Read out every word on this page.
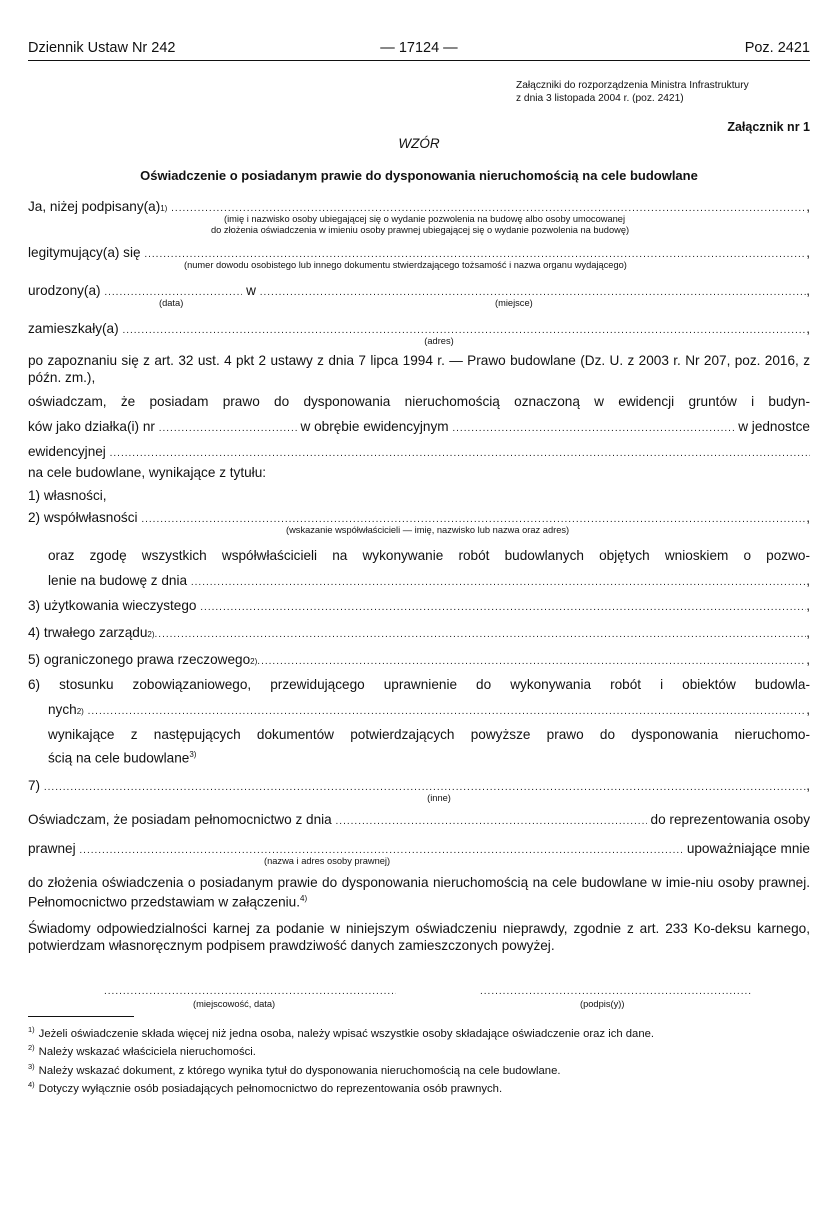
Dziennik Ustaw Nr 242	— 17124 —	Poz. 2421
Załączniki do rozporządzenia Ministra Infrastruktury
z dnia 3 listopada 2004 r. (poz. 2421)
Załącznik nr 1
WZÓR
Oświadczenie o posiadanym prawie do dysponowania nieruchomością na cele budowlane
Ja, niżej podpisany(a) 1)
.....	,
(imię i nazwisko osoby ubiegającej się o wydanie pozwolenia na budowę albo osoby umocowanej
do złożenia oświadczenia w imieniu osoby prawnej ubiegającej się o wydanie pozwolenia na budowę)
legitymujący(a) się
.....	,
(numer dowodu osobistego lub innego dokumentu stwierdzającego tożsamość i nazwa organu wydającego)
urodzony(a)
.....
	w
.....	,
(data)	(miejsce)
zamieszkały(a)
.....	,
(adres)
po zapoznaniu się z art. 32 ust. 4 pkt 2 ustawy z dnia 7 lipca 1994 r. — Prawo budowlane (Dz. U. z 2003 r. Nr 207, poz. 2016, z późn. zm.),
oświadczam, że posiadam prawo do dysponowania nieruchomością oznaczoną w ewidencji gruntów i budyn-
ków jako działka(i) nr
.....
	w obrębie ewidencyjnym
.....
	w jednostce
ewidencyjnej

.....
na cele budowlane, wynikające z tytułu:
1) własności,
2) współwłasności
.....	,
(wskazanie współwłaścicieli — imię, nazwisko lub nazwa oraz adres)
oraz zgodę wszystkich współwłaścicieli na wykonywanie robót budowlanych objętych wnioskiem o pozwo-
lenie na budowę z dnia
.....	,
3) użytkowania wieczystego
.....	,
4) trwałego zarządu 2) .....	,
5) ograniczonego prawa rzeczowego 2) .....	,
6) stosunku zobowiązaniowego, przewidującego uprawnienie do wykonywania robót i obiektów budowla-
nych 2)
.....	,
wynikające z następujących dokumentów potwierdzających powyższe prawo do dysponowania nieruchomo-
ścią na cele budowlane$^{3)}$
7)
.....	,
(inne)
Oświadczam, że posiadam pełnomocnictwo z dnia
.....
	do reprezentowania osoby
prawnej
.....
	upoważniające mnie
(nazwa i adres osoby prawnej)
do złożenia oświadczenia o posiadanym prawie do dysponowania nieruchomością na cele budowlane w imie-niu osoby prawnej. Pełnomocnictwo przedstawiam w załączeniu.$^{4)}$
Świadomy odpowiedzialności karnej za podanie w niniejszym oświadczeniu nieprawdy, zgodnie z art. 233 Ko-deksu karnego, potwierdzam własnoręcznym podpisem prawdziwość danych zamieszczonych powyżej.
.....
.....
(miejscowość, data)	(podpis(y))
$^{1)}$ Jeżeli oświadczenie składa więcej niż jedna osoba, należy wpisać wszystkie osoby składające oświadczenie oraz ich dane.
$^{2)}$ Należy wskazać właściciela nieruchomości.
$^{3)}$ Należy wskazać dokument, z którego wynika tytuł do dysponowania nieruchomością na cele budowlane.
$^{4)}$ Dotyczy wyłącznie osób posiadających pełnomocnictwo do reprezentowania osób prawnych.
